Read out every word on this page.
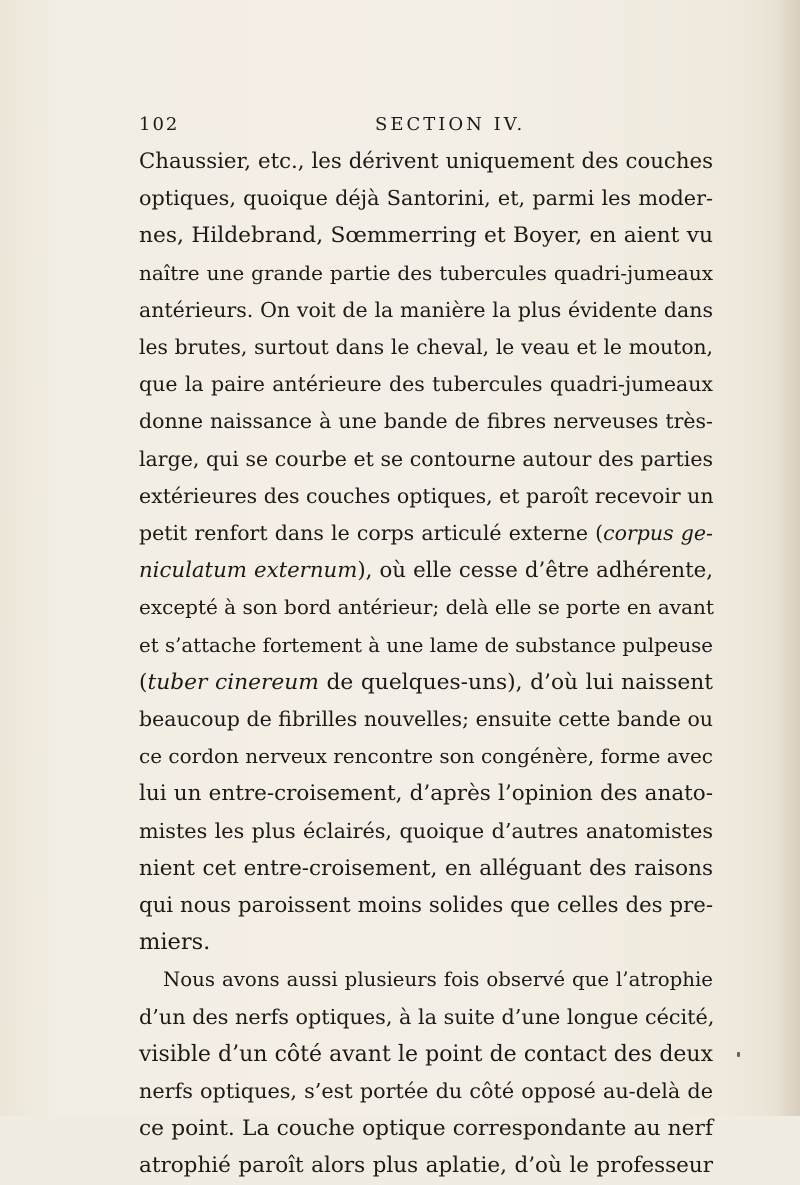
102	SECTION IV.
Chaussier, etc., les dérivent uniquement des couches
optiques, quoique déjà Santorini, et, parmi les moder-
nes, Hildebrand, Sœmmerring et Boyer, en aient vu
naître une grande partie des tubercules quadri-jumeaux
antérieurs. On voit de la manière la plus évidente dans
les brutes, surtout dans le cheval, le veau et le mouton,
que la paire antérieure des tubercules quadri-jumeaux
donne naissance à une bande de fibres nerveuses très-
large, qui se courbe et se contourne autour des parties
extérieures des couches optiques, et paroît recevoir un
petit renfort dans le corps articulé externe (corpus ge-
niculatum externum), où elle cesse d’être adhérente,
excepté à son bord antérieur; delà elle se porte en avant
et s’attache fortement à une lame de substance pulpeuse
(tuber cinereum de quelques-uns), d’où lui naissent
beaucoup de fibrilles nouvelles; ensuite cette bande ou
ce cordon nerveux rencontre son congénère, forme avec
lui un entre-croisement, d’après l’opinion des anato-
mistes les plus éclairés, quoique d’autres anatomistes
nient cet entre-croisement, en alléguant des raisons
qui nous paroissent moins solides que celles des pre-
miers.
Nous avons aussi plusieurs fois observé que l’atrophie
d’un des nerfs optiques, à la suite d’une longue cécité,
visible d’un côté avant le point de contact des deux
nerfs optiques, s’est portée du côté opposé au-delà de
ce point. La couche optique correspondante au nerf
atrophié paroît alors plus aplatie, d’où le professeur
